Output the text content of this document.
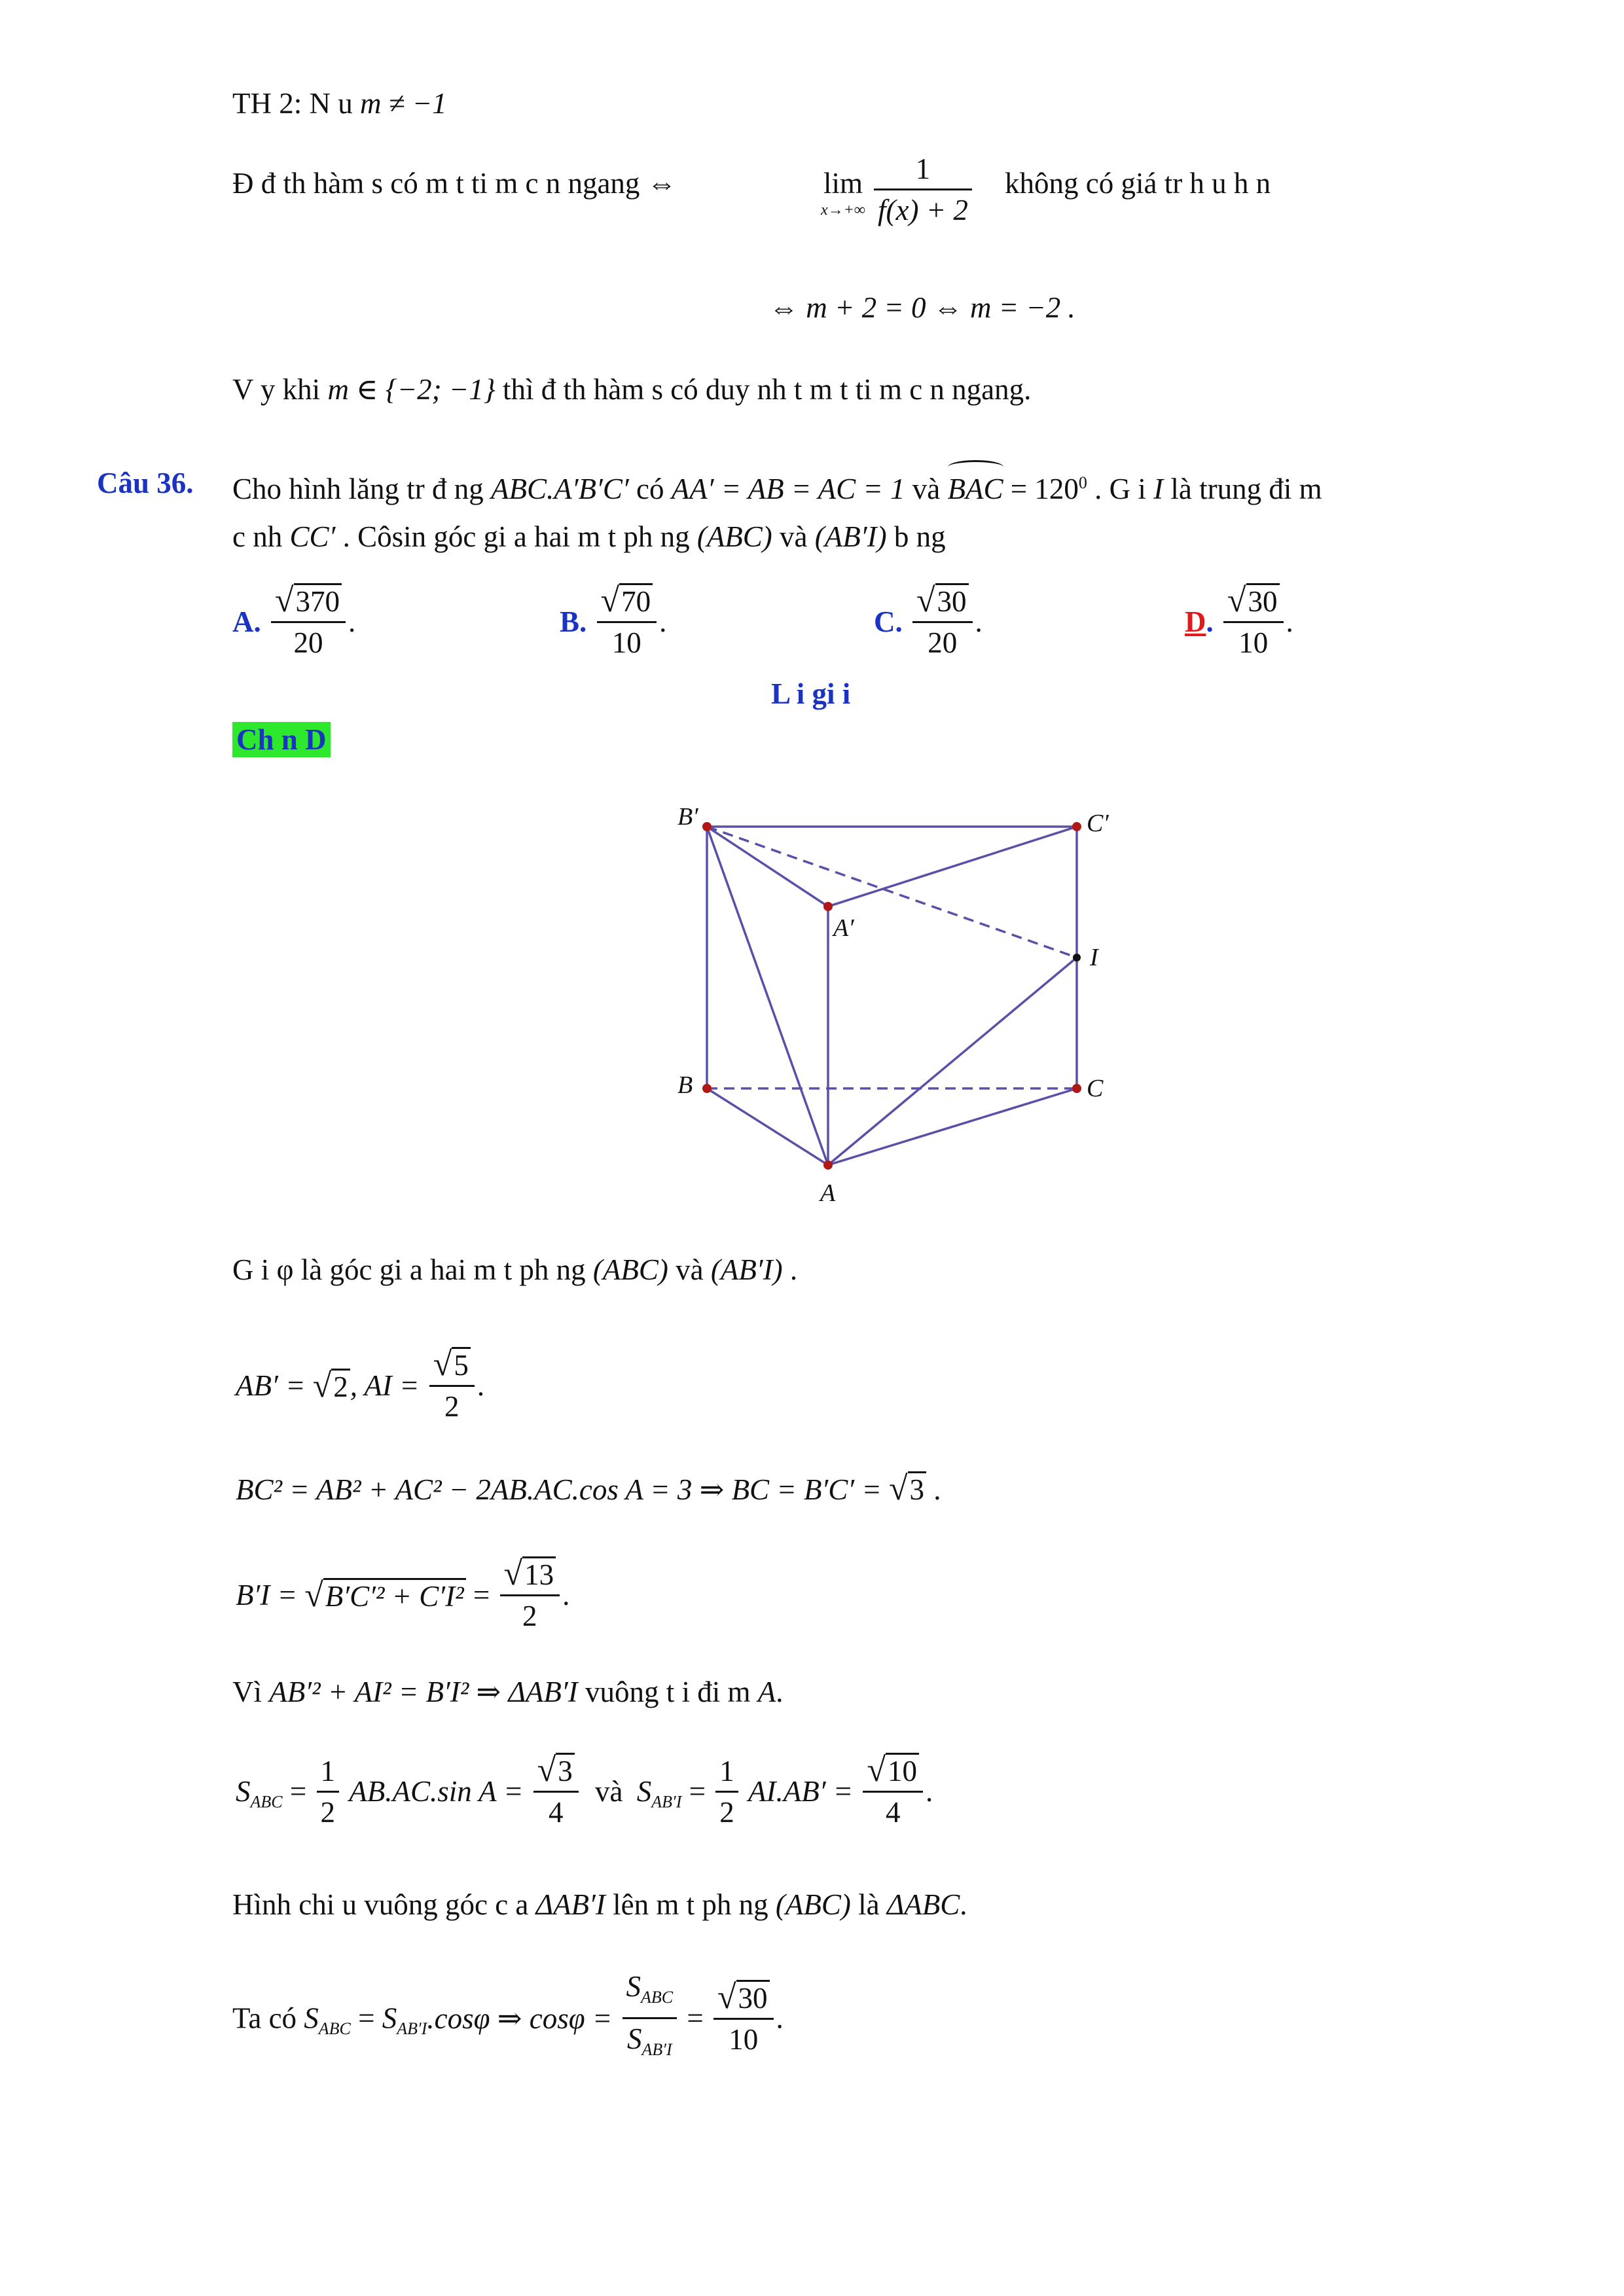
TH 2: N u m ≠ −1
Đ đ th hàm s có m t ti m c n ngang ⇔	lim
$x\to+\infty \frac{1}{f(x) + 2}$ không có giá tr h u h n
⇔ m + 2 = 0 ⇔ m = −2 .
V y khi m ∈ {−2; −1} thì đ th hàm s có duy nh t m t ti m c n ngang.
Câu 36. Cho hình lăng tr đ ng ABC.A′B′C′ có AA′ = AB = AC = 1 và BAC = $120^0$ . G i I là trung đi m
c nh CC′ . Côsin góc gi a hai m t ph ng (ABC) và (AB′I) b ng
A. $\frac{√370}{20}$ .	B. $\frac{√70}{10}$ .	C. $\frac{√30}{20}$ .	D. $\frac{√30}{10}$ .
L i gi i
Ch n D
B′	C′
A′
I
B	C
A
G i φ là góc gi a hai m t ph ng (ABC) và (AB′I) .
AB′ = √2, AI = $\frac{√5}{2}$ .
BC² = AB² + AC² − 2AB.AC.cos A = 3 ⇒ BC = B′C′ = √3 .
$B'I = √B'C'^2 + C'I^2 = \frac{√13}{2}$ .
Vì AB′² + AI² = B′I² ⇒ ΔAB′I vuông t i đi m A.
$S_{ABC} = \frac{1}{2} AB.AC.\sin$ $A = \frac{√3}{4}$ và $S_{AB'I} = \frac{1}{2} AI.AB' = \frac{√10}{4}$ .
Hình chi u vuông góc c a ΔAB′I lên m t ph ng (ABC) là ΔABC.
Ta có $S_{ABC} = S_{AB'I}.\cos\varphi$ ⇒ $\cos\varphi = \frac{S_{ABC}}{S_{AB'I}} = \frac{√30}{10}$ .
